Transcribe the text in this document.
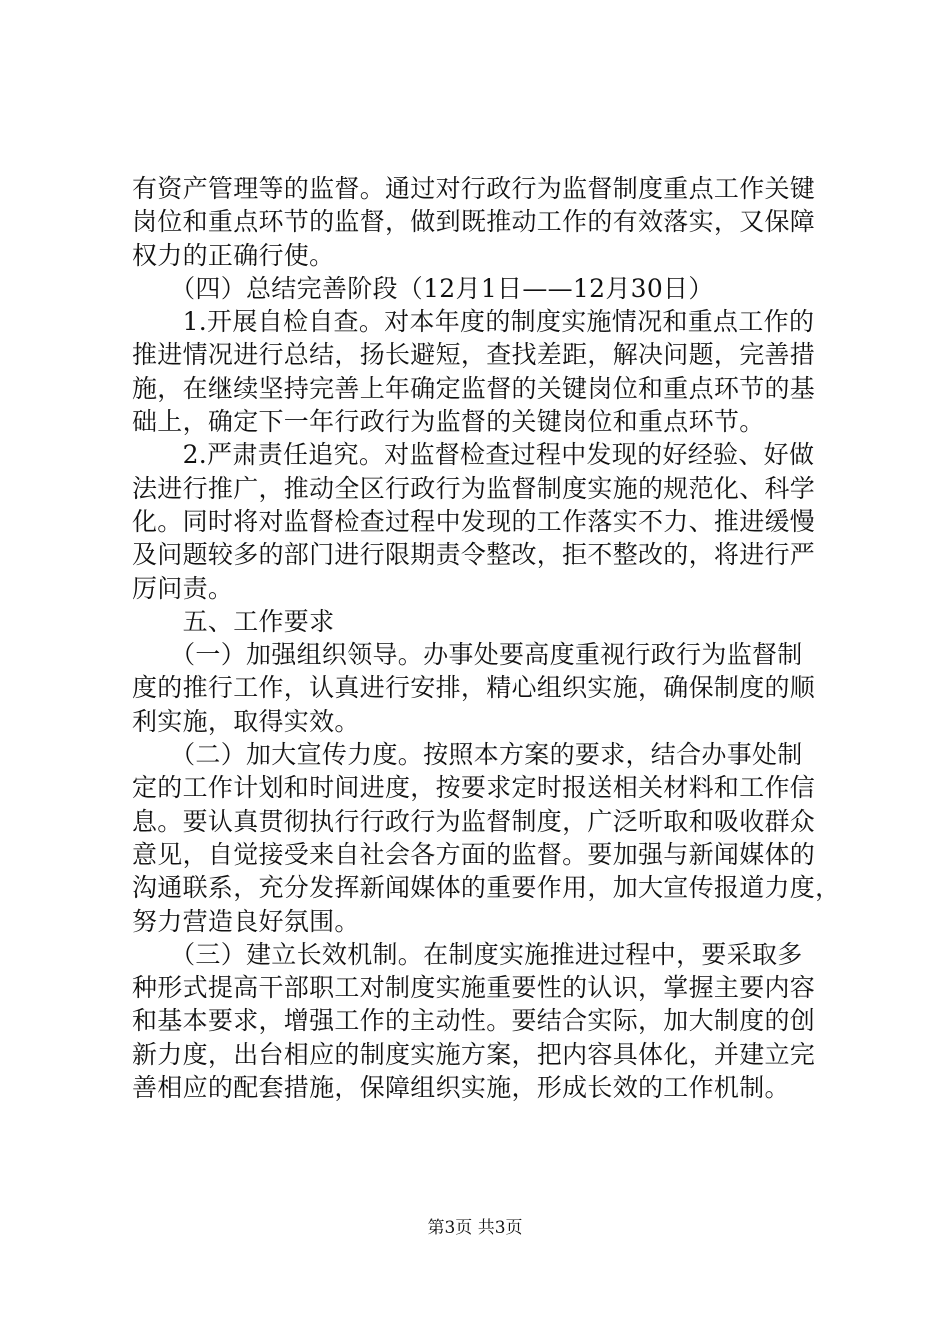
有资产管理等的监督。通过对行政行为监督制度重点工作关键
岗位和重点环节的监督，做到既推动工作的有效落实，又保障
权力的正确行使。
　　（四）总结完善阶段（12月1日——12月30日）
　　1.开展自检自查。对本年度的制度实施情况和重点工作的
推进情况进行总结，扬长避短，查找差距，解决问题，完善措
施，在继续坚持完善上年确定监督的关键岗位和重点环节的基
础上，确定下一年行政行为监督的关键岗位和重点环节。
　　2.严肃责任追究。对监督检查过程中发现的好经验、好做
法进行推广，推动全区行政行为监督制度实施的规范化、科学
化。同时将对监督检查过程中发现的工作落实不力、推进缓慢
及问题较多的部门进行限期责令整改，拒不整改的，将进行严
厉问责。
　　五、工作要求
　　（一）加强组织领导。办事处要高度重视行政行为监督制
度的推行工作，认真进行安排，精心组织实施，确保制度的顺
利实施，取得实效。
　　（二）加大宣传力度。按照本方案的要求，结合办事处制
定的工作计划和时间进度，按要求定时报送相关材料和工作信
息。要认真贯彻执行行政行为监督制度，广泛听取和吸收群众
意见，自觉接受来自社会各方面的监督。要加强与新闻媒体的
沟通联系，充分发挥新闻媒体的重要作用，加大宣传报道力度，
努力营造良好氛围。
　　（三）建立长效机制。在制度实施推进过程中，要采取多
种形式提高干部职工对制度实施重要性的认识，掌握主要内容
和基本要求，增强工作的主动性。要结合实际，加大制度的创
新力度，出台相应的制度实施方案，把内容具体化，并建立完
善相应的配套措施，保障组织实施，形成长效的工作机制。
第3页 共3页
